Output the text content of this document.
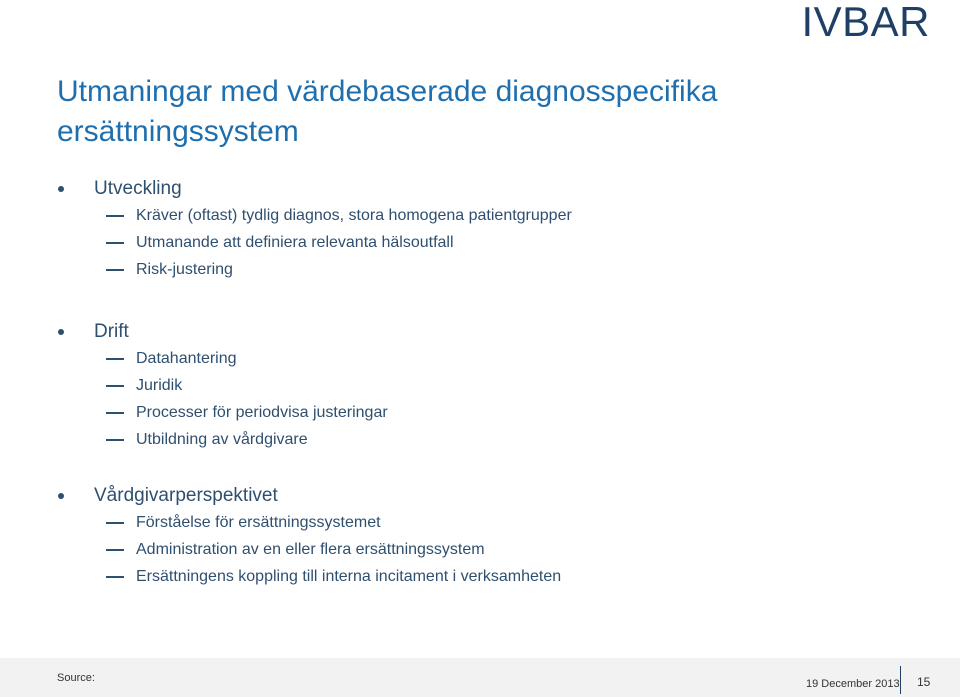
IVBAR
Utmaningar med värdebaserade diagnosspecifika ersättningssystem
Utveckling
Kräver (oftast) tydlig diagnos, stora homogena patientgrupper
Utmanande att definiera relevanta hälsoutfall
Risk-justering
Drift
Datahantering
Juridik
Processer för periodvisa justeringar
Utbildning av vårdgivare
Vårdgivarperspektivet
Förståelse för ersättningssystemet
Administration av en eller flera ersättningssystem
Ersättningens koppling till interna incitament i verksamheten
Source:	19 December 2013 15
